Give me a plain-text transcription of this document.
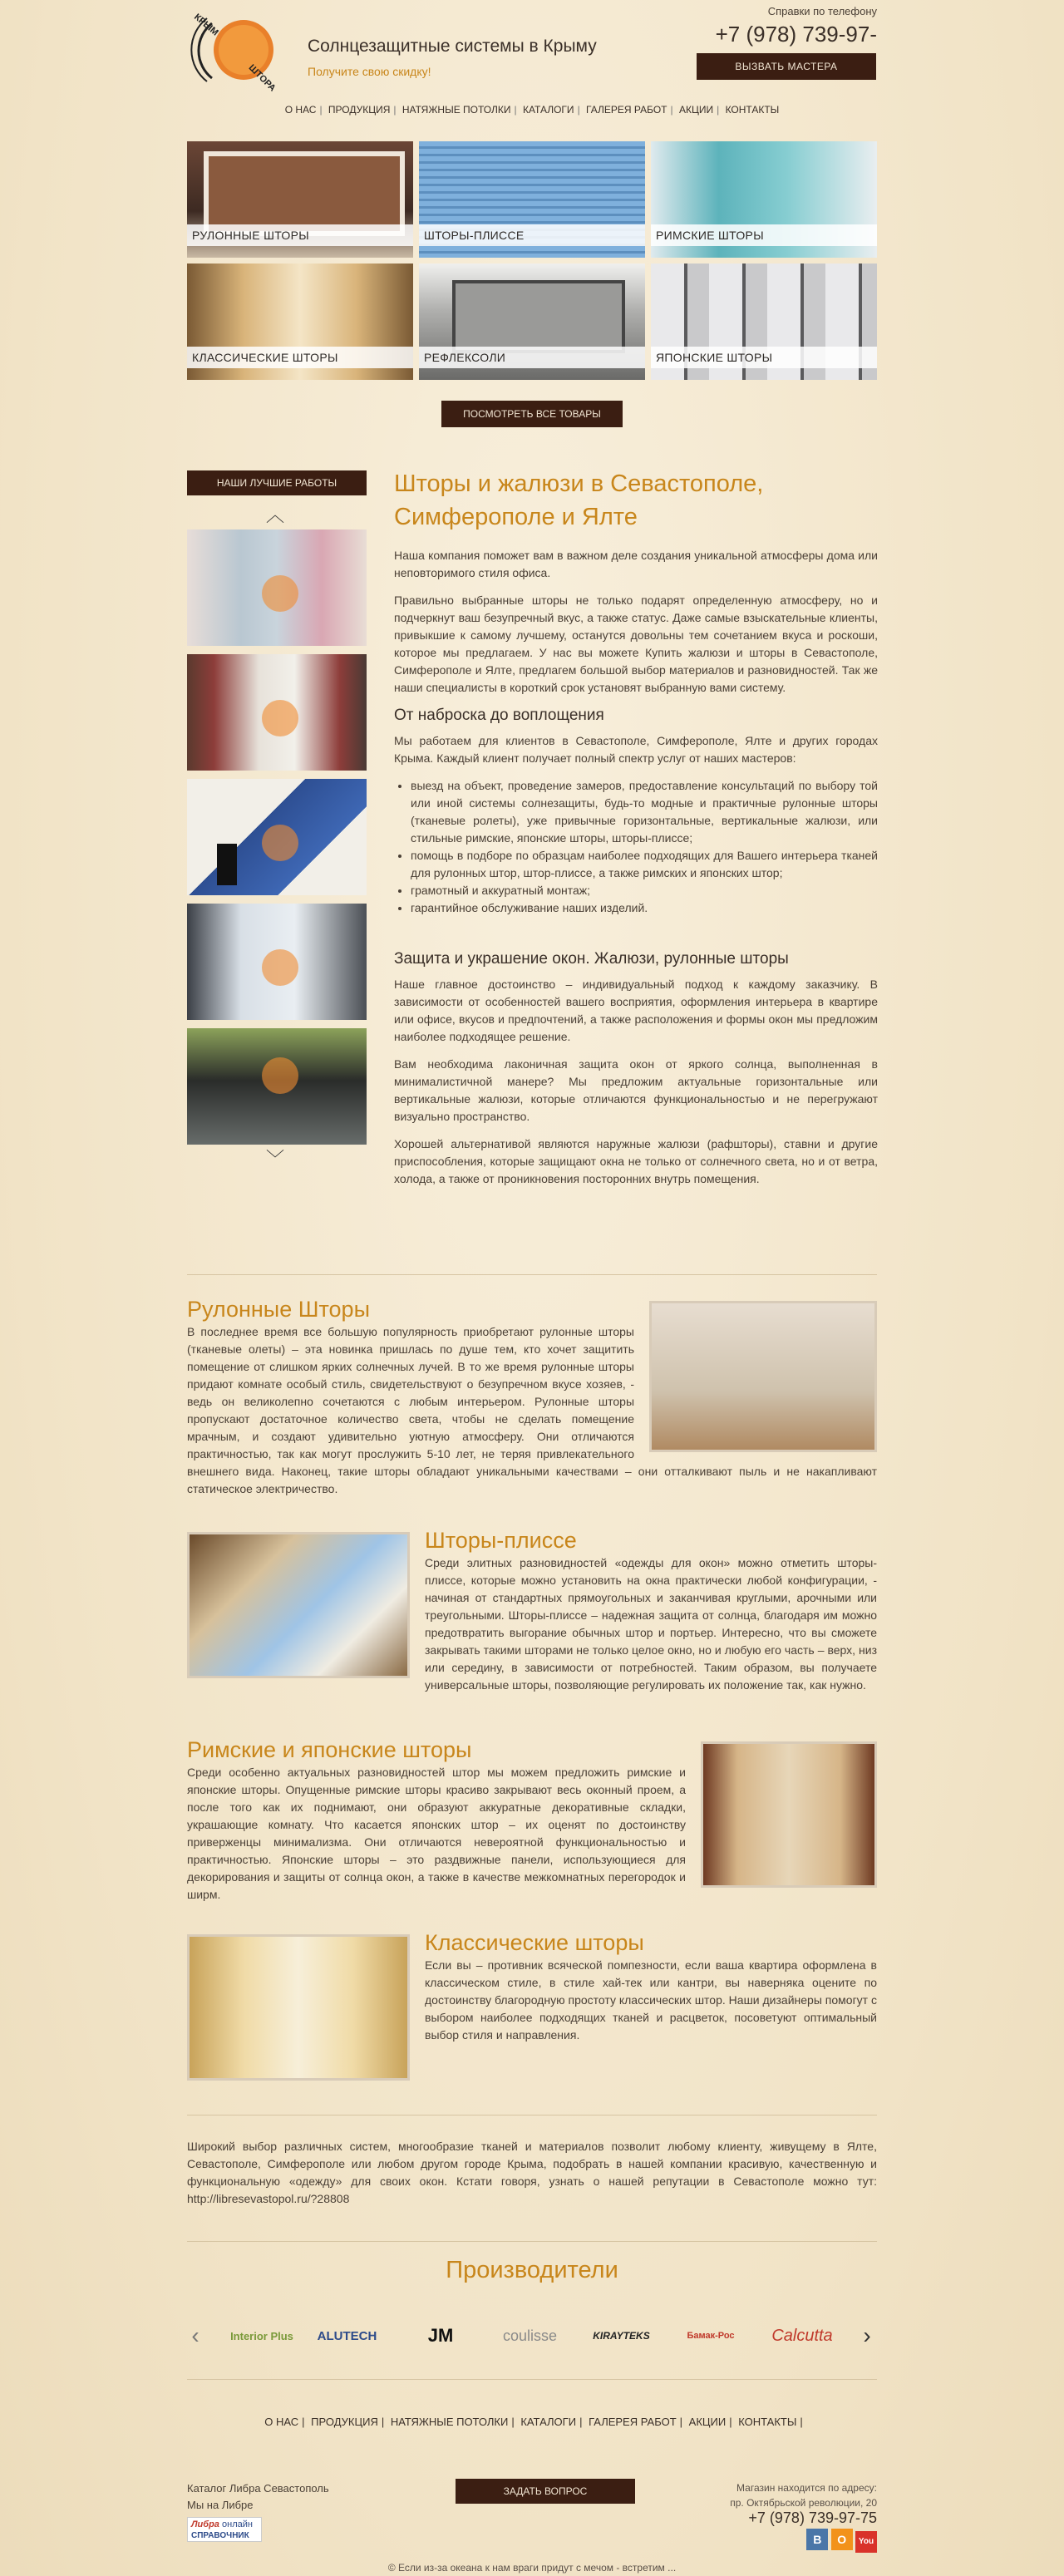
КРЫМ
ШТОРА
Солнцезащитные системы в Крыму
Получите свою скидку!
Справки по телефону
+7 (978) 739-97-
ВЫЗВАТЬ МАСТЕРА
О НАС | ПРОДУКЦИЯ | НАТЯЖНЫЕ ПОТОЛКИ | КАТАЛОГИ | ГАЛЕРЕЯ РАБОТ | АКЦИИ | КОНТАКТЫ
РУЛОННЫЕ ШТОРЫ	ШТОРЫ-ПЛИССЕ	РИМСКИЕ ШТОРЫ
КЛАССИЧЕСКИЕ ШТОРЫ	РЕФЛЕКСОЛИ	ЯПОНСКИЕ ШТОРЫ
ПОСМОТРЕТЬ ВСЕ ТОВАРЫ
НАШИ ЛУЧШИЕ РАБОТЫ
︿
﹀
Шторы и жалюзи в Севастополе, Симферополе и Ялте

Наша компания поможет вам в важном деле создания уникальной атмосферы дома или неповторимого стиля офиса.

Правильно выбранные шторы не только подарят определенную атмосферу, но и подчеркнут ваш безупречный вкус, а также статус. Даже самые взыскательные клиенты, привыкшие к самому лучшему, останутся довольны тем сочетанием вкуса и роскоши, которое мы предлагаем. У нас вы можете Купить жалюзи и шторы в Севастополе, Симферополе и Ялте, предлагем большой выбор материалов и разновидностей. Так же наши специалисты в короткий срок установят выбранную вами систему.

От наброска до воплощения

Мы работаем для клиентов в Севастополе, Симферополе, Ялте и других городах Крыма. Каждый клиент получает полный спектр услуг от наших мастеров:

• выезд на объект, проведение замеров, предоставление консультаций по выбору той или иной системы солнезащиты, будь-то модные и практичные рулонные шторы (тканевые ролеты), уже привычные горизонтальные, вертикальные жалюзи, или стильные римские, японские шторы, шторы-плиссе;
• помощь в подборе по образцам наиболее подходящих для Вашего интерьера тканей для рулонных штор, штор-плиссе, а также римских и японских штор;
• грамотный и аккуратный монтаж;
• гарантийное обслуживание наших изделий.
Защита и украшение окон. Жалюзи, рулонные шторы

Наше главное достоинство – индивидуальный подход к каждому заказчику. В зависимости от особенностей вашего восприятия, оформления интерьера в квартире или офисе, вкусов и предпочтений, а также расположения и формы окон мы предложим наиболее подходящее решение.

Вам необходима лаконичная защита окон от яркого солнца, выполненная в минималистичной манере? Мы предложим актуальные горизонтальные или вертикальные жалюзи, которые отличаются функциональностью и не перегружают визуально пространство.

Хорошей альтернативой являются наружные жалюзи (рафшторы), ставни и другие приспособления, которые защищают окна не только от солнечного света, но и от ветра, холода, а также от проникновения посторонних внутрь помещения.

Рулонные Шторы

В последнее время все большую популярность приобретают рулонные шторы (тканевые олеты) – эта новинка пришлась по душе тем, кто хочет защитить помещение от слишком ярких солнечных лучей. В то же время рулонные шторы придают комнате особый стиль, свидетельствуют о безупречном вкусе хозяев, - ведь он великолепно сочетаются с любым интерьером. Рулонные шторы пропускают достаточное количество света, чтобы не сделать помещение мрачным, и создают удивительно уютную атмосферу. Они отличаются практичностью, так как могут прослужить 5-10 лет, не теряя привлекательного внешнего вида. Наконец, такие шторы обладают уникальными качествами – они отталкивают пыль и не накапливают статическое электричество.

Шторы-плиссе

Среди элитных разновидностей «одежды для окон» можно отметить шторы-плиссе, которые можно установить на окна практически любой конфигурации, - начиная от стандартных прямоугольных и заканчивая круглыми, арочными или треугольными. Шторы-плиссе – надежная защита от солнца, благодаря им можно предотвратить выгорание обычных штор и портьер. Интересно, что вы сможете закрывать такими шторами не только целое окно, но и любую его часть – верх, низ или середину, в зависимости от потребностей. Таким образом, вы получаете универсальные шторы, позволяющие регулировать их положение так, как нужно.

Римские и японские шторы

Среди особенно актуальных разновидностей штор мы можем предложить римские и японские шторы. Опущенные римские шторы красиво закрывают весь оконный проем, а после того как их поднимают, они образуют аккуратные декоративные складки, украшающие комнату. Что касается японских штор – их оценят по достоинству приверженцы минимализма. Они отличаются невероятной функциональностью и практичностью. Японские шторы – это раздвижные панели, использующиеся для декорирования и защиты от солнца окон, а также в качестве межкомнатных перегородок и ширм.

Классические шторы

Если вы – противник всяческой помпезности, если ваша квартира оформлена в классическом стиле, в стиле хай-тек или кантри, вы наверняка оцените по достоинству благородную простоту классических штор. Наши дизайнеры помогут с выбором наиболее подходящих тканей и расцветок, посоветуют оптимальный выбор стиля и направления.

Широкий выбор различных систем, многообразие тканей и материалов позволит любому клиенту, живущему в Ялте, Севастополе, Симферополе или любом другом городе Крыма, подобрать в нашей компании красивую, качественную и функциональную «одежду» для своих окон. Кстати говоря, узнать о нашей репутации в Севастополе можно тут: http://libresevastopol.ru/?28808
Производители
‹	Interior Plus	ALUTECH	JM	coulisse	KIRAYTEKS	Бамак-Рос	Calcutta	›
О НАС | ПРОДУКЦИЯ | НАТЯЖНЫЕ ПОТОЛКИ | КАТАЛОГИ | ГАЛЕРЕЯ РАБОТ | АКЦИИ | КОНТАКТЫ |
Каталог Либра Севастополь
Мы на Либре
Либра онлайн
СПРАВОЧНИК
ЗАДАТЬ ВОПРОС	Магазин находится по адресу:
пр. Октябрьской революции, 20
+7 (978) 739-97-75
В О You
© Если из-за океана к нам враги придут с мечом - встретим ...
